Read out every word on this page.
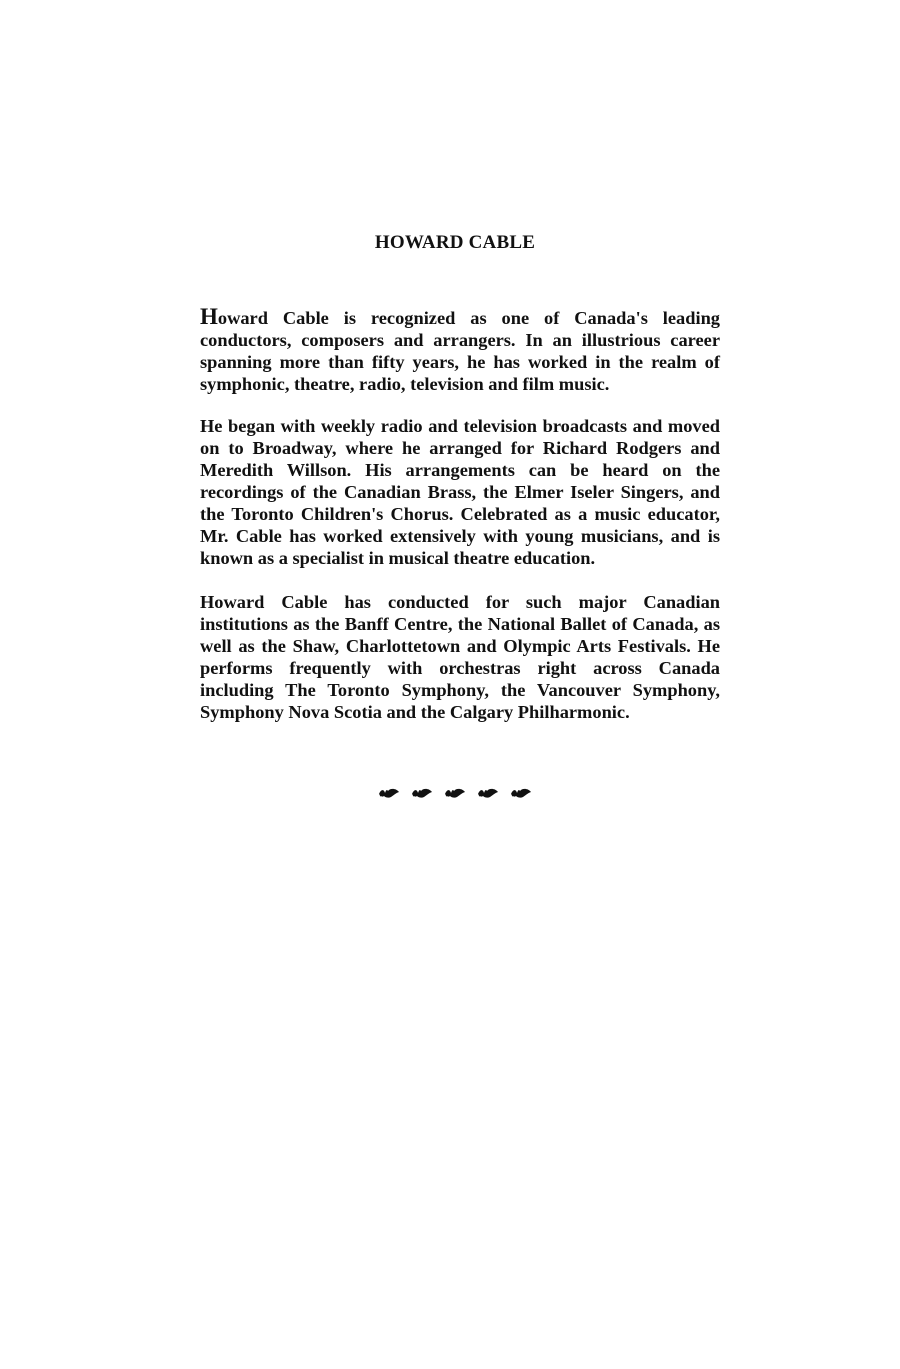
HOWARD CABLE

Howard Cable is recognized as one of Canada's leading conductors, composers and arrangers. In an illustrious career spanning more than fifty years, he has worked in the realm of symphonic, theatre, radio, television and film music.

He began with weekly radio and television broadcasts and moved on to Broadway, where he arranged for Richard Rodgers and Meredith Willson. His arrangements can be heard on the recordings of the Canadian Brass, the Elmer Iseler Singers, and the Toronto Children's Chorus. Celebrated as a music educator, Mr. Cable has worked extensively with young musicians, and is known as a specialist in musical theatre education.

Howard Cable has conducted for such major Canadian institutions as the Banff Centre, the National Ballet of Canada, as well as the Shaw, Charlottetown and Olympic Arts Festivals. He performs frequently with orchestras right across Canada including The Toronto Symphony, the Vancouver Symphony, Symphony Nova Scotia and the Calgary Philharmonic.
